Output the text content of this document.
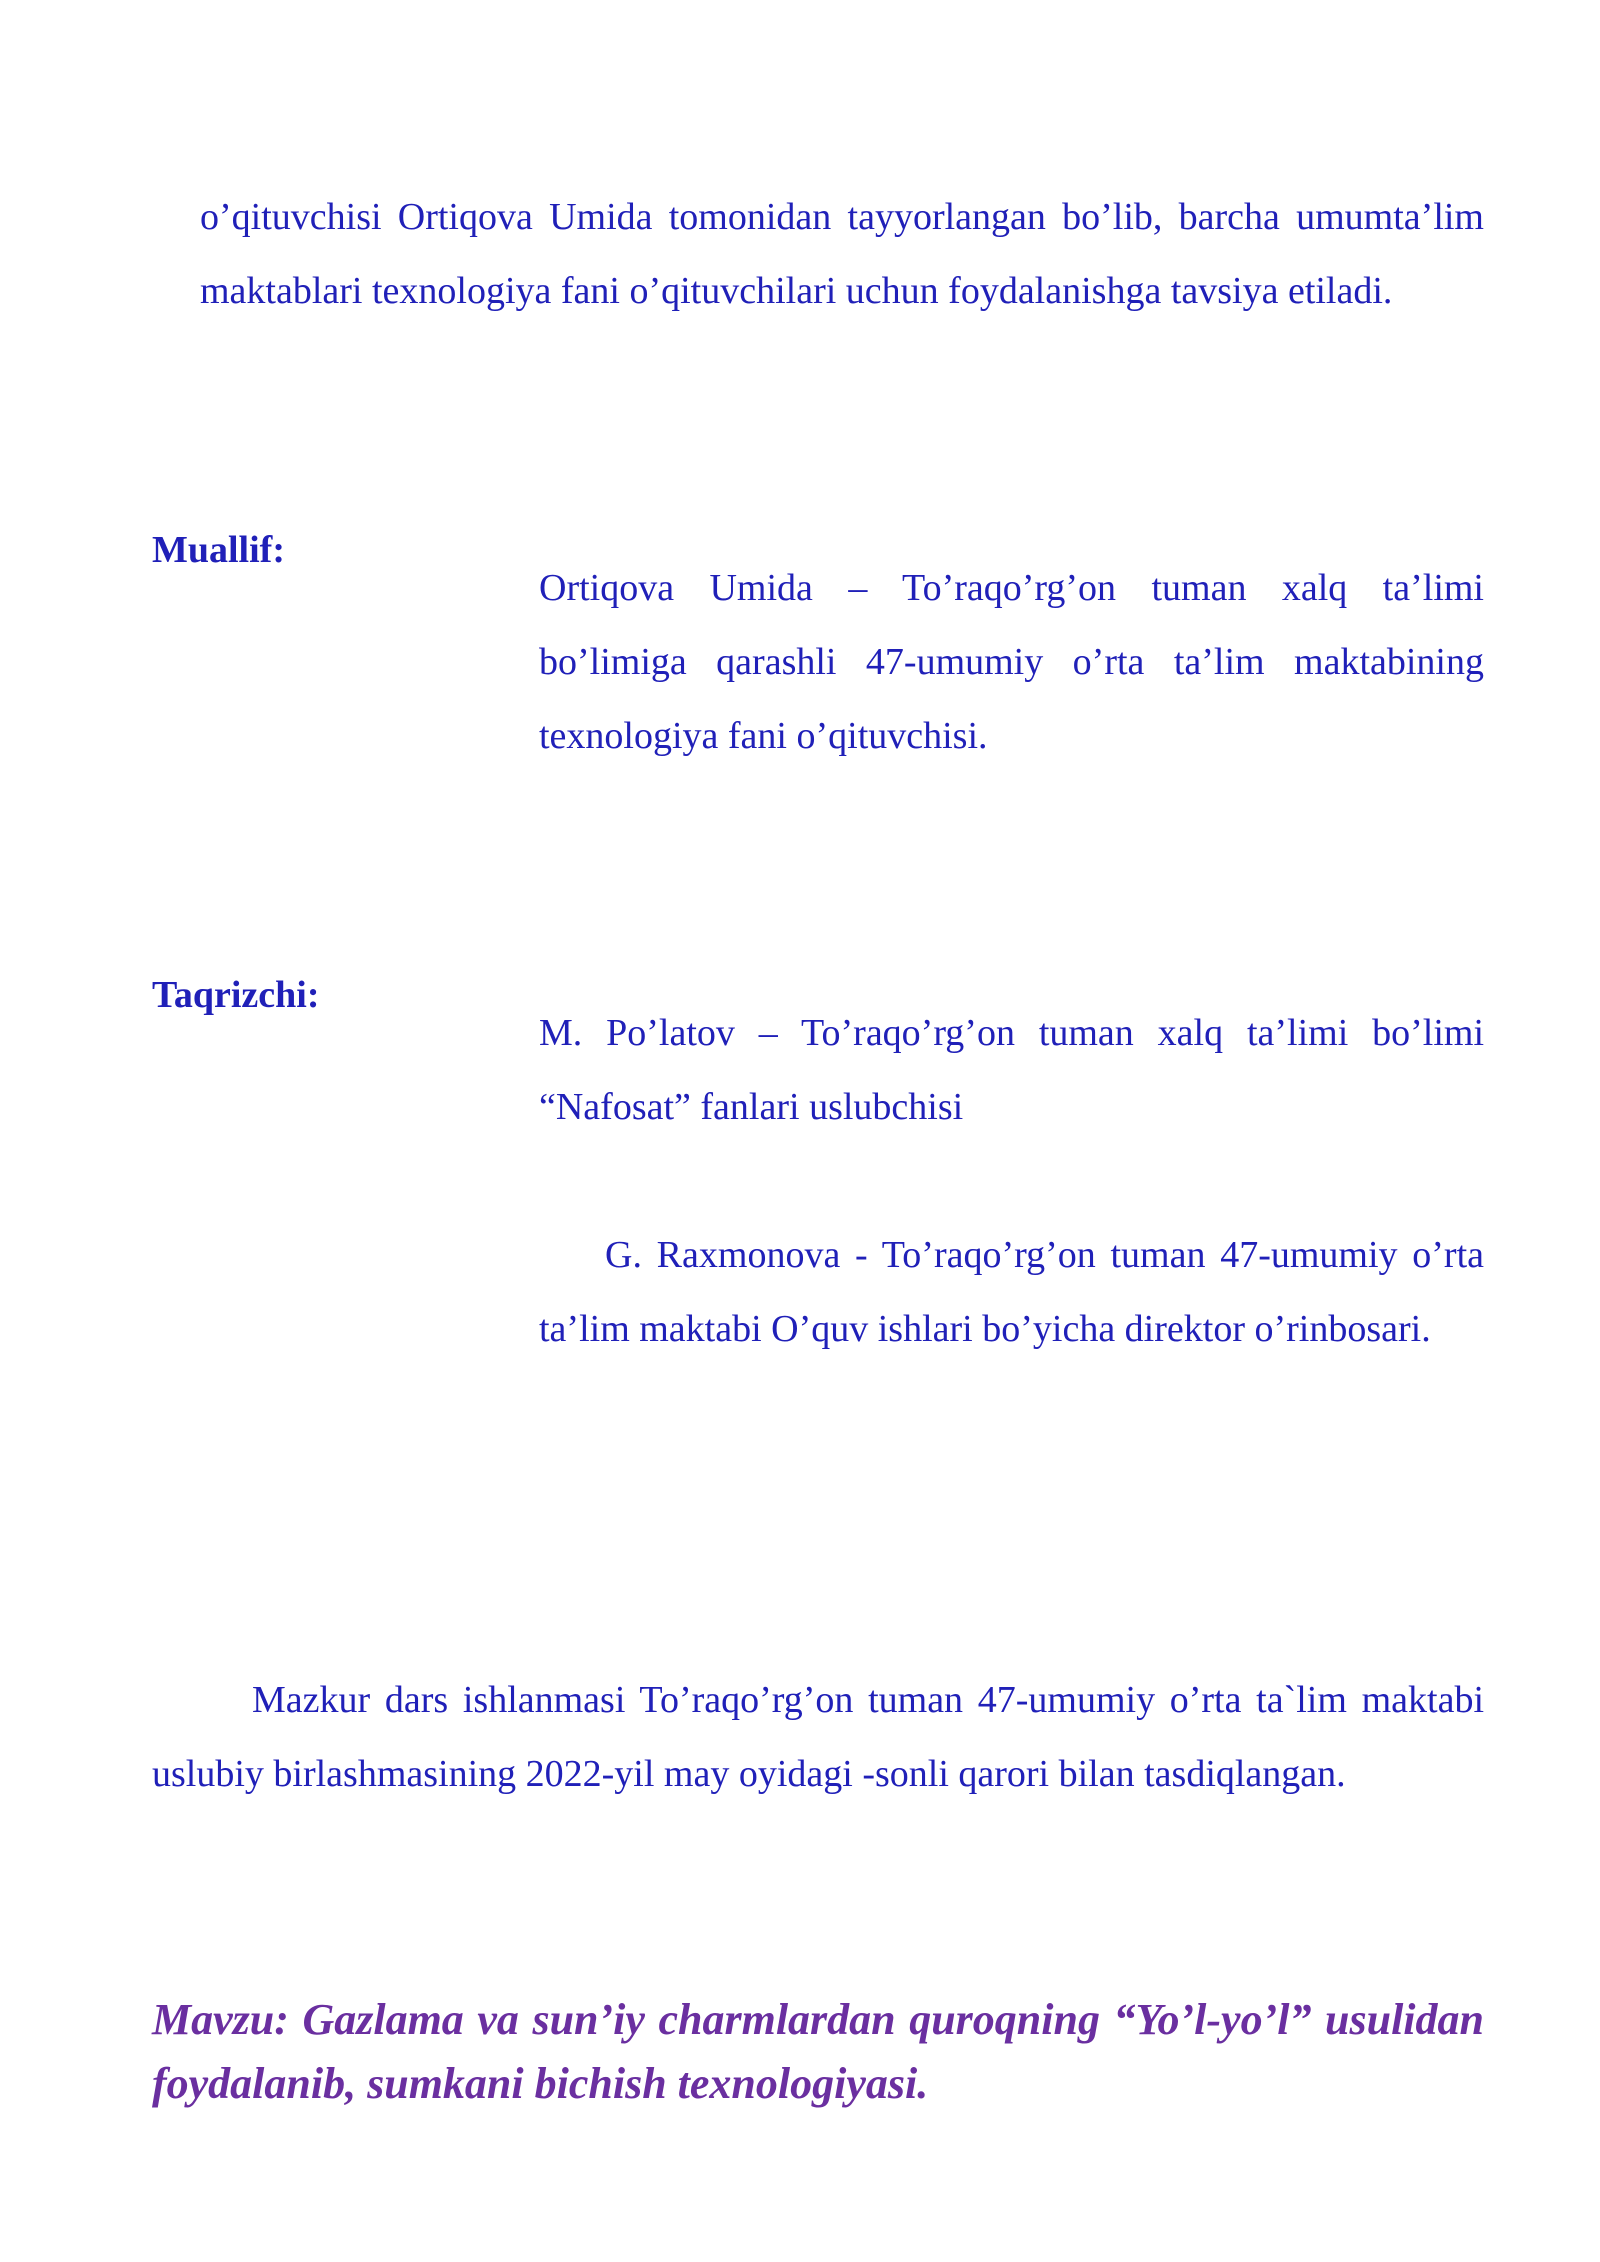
o’qituvchisi Ortiqova Umida tomonidan tayyorlangan bo’lib, barcha umumta’lim maktablari texnologiya fani o’qituvchilari uchun foydalanishga tavsiya etiladi.

Muallif:

Ortiqova Umida – To’raqo’rg’on tuman xalq ta’limi bo’limiga qarashli 47-umumiy o’rta ta’lim maktabining texnologiya fani o’qituvchisi.

Taqrizchi:

M. Po’latov – To’raqo’rg’on tuman xalq ta’limi bo’limi “Nafosat” fanlari uslubchisi

G. Raxmonova - To’raqo’rg’on tuman 47-umumiy o’rta ta’lim maktabi O’quv ishlari bo’yicha direktor o’rinbosari.

Mazkur dars ishlanmasi To’raqo’rg’on tuman 47-umumiy o’rta ta`lim maktabi uslubiy birlashmasining 2022-yil may oyidagi -sonli qarori bilan tasdiqlangan.

Mavzu: Gazlama va sun’iy charmlardan quroqning “Yo’l-yo’l” usulidan foydalanib, sumkani bichish texnologiyasi.
